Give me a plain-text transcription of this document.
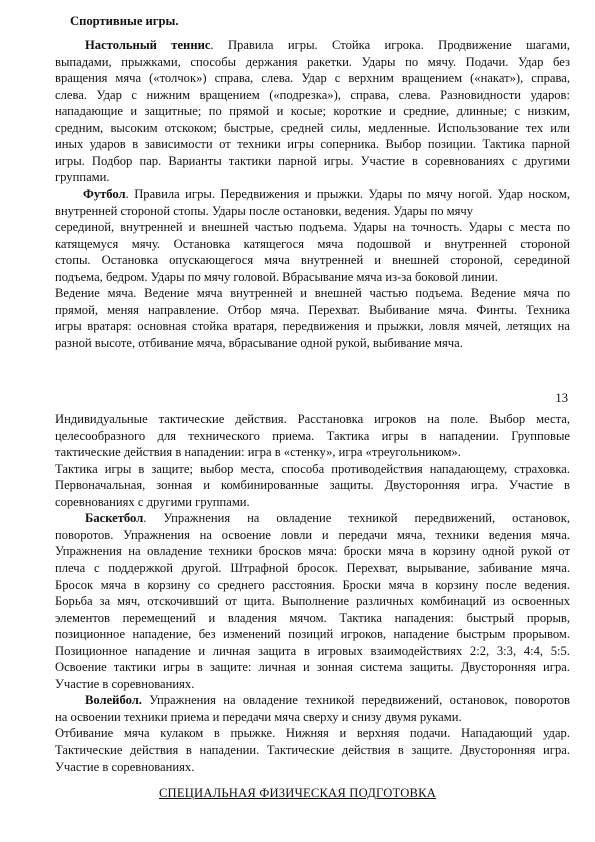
Спортивные игры.
Настольный теннис. Правила игры. Стойка игрока. Продвижение шагами,
выпадами, прыжками, способы держания ракетки. Удары по мячу. Подачи. Удар без
вращения мяча («толчок») справа, слева. Удар с верхним вращением («накат»), справа,
слева. Удар с нижним вращением («подрезка»), справа, слева. Разновидности ударов:
нападающие и защитные; по прямой и косые; короткие и средние, длинные; с низким,
средним, высоким отскоком; быстрые, средней силы, медленные. Использование тех или
иных ударов в зависимости от техники игры соперника. Выбор позиции. Тактика парной
игры. Подбор пар. Варианты тактики парной игры. Участие в соревнованиях с другими
группами.
Футбол. Правила игры. Передвижения и прыжки. Удары по мячу ногой. Удар носком,
внутренней стороной стопы. Удары после остановки, ведения. Удары по мячу
серединой, внутренней и внешней частью подъема. Удары на точность. Удары с места по
катящемуся мячу. Остановка катящегося мяча подошвой и внутренней стороной
стопы. Остановка опускающегося мяча внутренней и внешней стороной, серединой
подъема, бедром. Удары по мячу головой. Вбрасывание мяча из-за боковой линии.
Ведение мяча. Ведение мяча внутренней и внешней частью подъема. Ведение мяча по
прямой, меняя направление. Отбор мяча. Перехват. Выбивание мяча. Финты. Техника
игры вратаря: основная стойка вратаря, передвижения и прыжки, ловля мячей, летящих на
разной высоте, отбивание мяча, вбрасывание одной рукой, выбивание мяча.
13
Индивидуальные тактические действия. Расстановка игроков на поле. Выбор места,
целесообразного для технического приема. Тактика игры в нападении. Групповые
тактические действия в нападении: игра в «стенку», игра «треугольником».
Тактика игры в защите; выбор места, способа противодействия нападающему, страховка.
Первоначальная, зонная и комбинированные защиты. Двусторонняя игра. Участие в
соревнованиях с другими группами.
Баскетбол. Упражнения на овладение техникой передвижений, остановок,
поворотов. Упражнения на освоение ловли и передачи мяча, техники ведения мяча.
Упражнения на овладение техники бросков мяча: броски мяча в корзину одной рукой от
плеча с поддержкой другой. Штрафной бросок. Перехват, вырывание, забивание мяча.
Бросок мяча в корзину со среднего расстояния. Броски мяча в корзину после ведения.
Борьба за мяч, отскочивший от щита. Выполнение различных комбинаций из освоенных
элементов перемещений и владения мячом. Тактика нападения: быстрый прорыв,
позиционное нападение, без изменений позиций игроков, нападение быстрым прорывом.
Позиционное нападение и личная защита в игровых взаимодействиях 2:2, 3:3, 4:4, 5:5.
Освоение тактики игры в защите: личная и зонная система защиты. Двусторонняя игра.
Участие в соревнованиях.
Волейбол. Упражнения на овладение техникой передвижений, остановок, поворотов
на освоении техники приема и передачи мяча сверху и снизу двумя руками.
Отбивание мяча кулаком в прыжке. Нижняя и верхняя подачи. Нападающий удар.
Тактические действия в нападении. Тактические действия в защите. Двусторонняя игра.
Участие в соревнованиях.
СПЕЦИАЛЬНАЯ ФИЗИЧЕСКАЯ ПОДГОТОВКА
